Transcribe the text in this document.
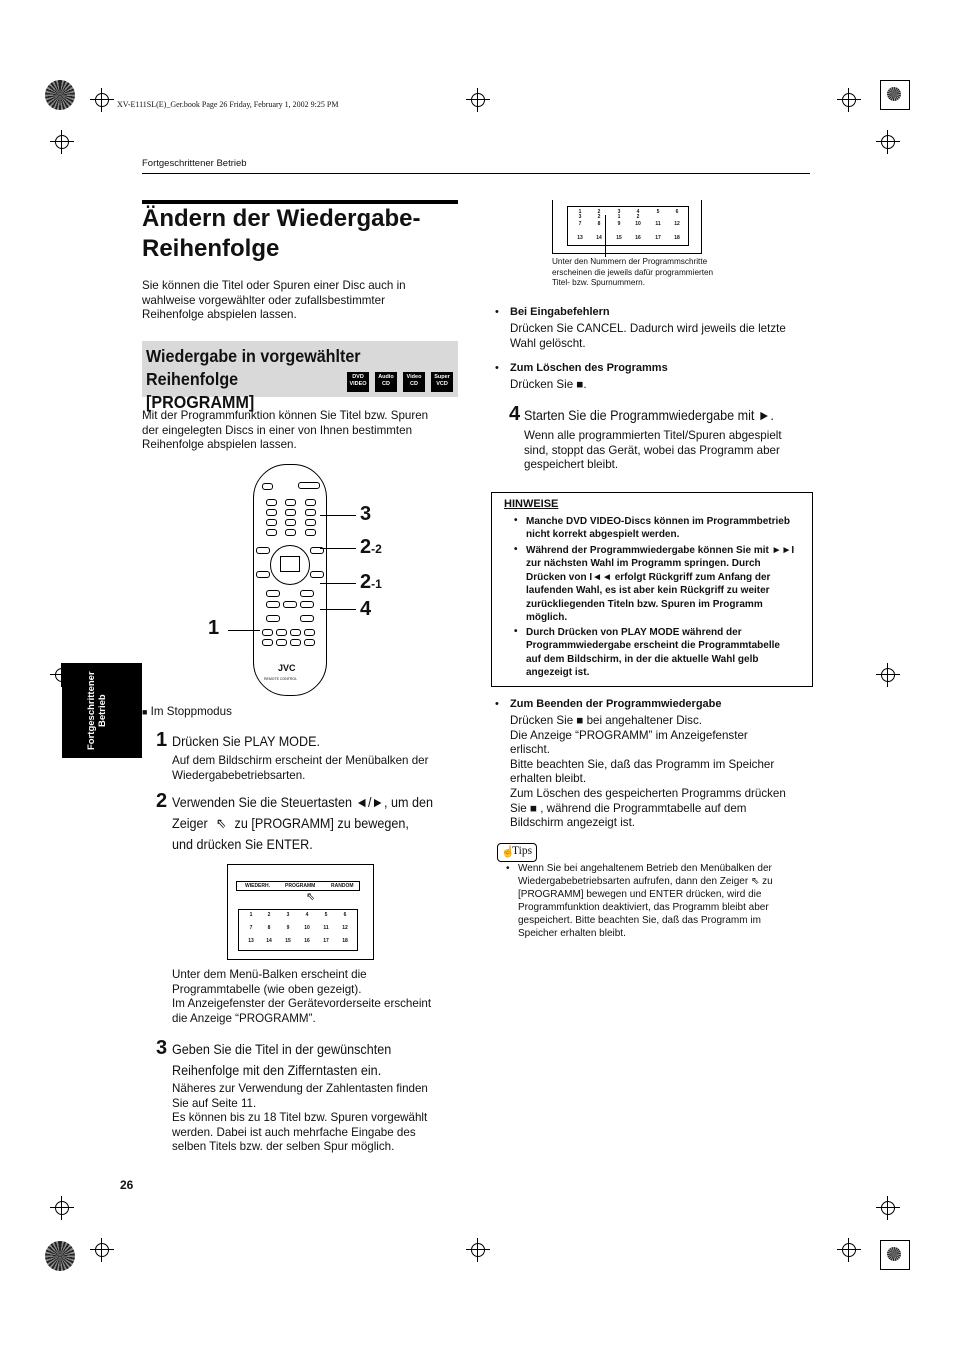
XV-E111SL(E)_Ger.book Page 26 Friday, February 1, 2002 9:25 PM
Fortgeschrittener Betrieb
Ändern der Wiedergabe-
Reihenfolge
Sie können die Titel oder Spuren einer Disc auch in
wahlweise vorgewählter oder zufallsbestimmter
Reihenfolge abspielen lassen.
Wiedergabe in vorgewählter Reihenfolge
[PROGRAMM]
DVD
VIDEO
Audio
CD
Video
CD
Super
VCD
Mit der Programmfunktion können Sie Titel bzw. Spuren
der eingelegten Discs in einer von Ihnen bestimmten
Reihenfolge abspielen lassen.
JVC
REMOTE CONTROL
3
2-2
2-1
4
1
Fortgeschrittener
Betrieb	■ Im Stoppmodus
1 Drücken Sie PLAY MODE.
Auf dem Bildschirm erscheint der Menübalken der
Wiedergabebetriebsarten.
2 Verwenden Sie die Steuertasten ◄/►, um den
Zeiger ⇖ zu [PROGRAMM] zu bewegen,
und drücken Sie ENTER.
WIEDERH.	PROGRAMM	RANDOM
⇖
1	2	3	4	5	6
7	8	9	10	11	12
13	14	15	16	17	18
Unter dem Menü-Balken erscheint die
Programmtabelle (wie oben gezeigt).
Im Anzeigefenster der Gerätevorderseite erscheint
die Anzeige “PROGRAMM”.
3 Geben Sie die Titel in der gewünschten
Reihenfolge mit den Zifferntasten ein.
Näheres zur Verwendung der Zahlentasten finden
Sie auf Seite 11.
Es können bis zu 18 Titel bzw. Spuren vorgewählt
werden. Dabei ist auch mehrfache Eingabe des
selben Titels bzw. der selben Spur möglich.
26
1	2	3	4	5	6
3	2	1	2
7	8	9	10	11	12
13	14	15	16	17	18
Unter den Nummern der Programmschritte
erscheinen die jeweils dafür programmierten
Titel- bzw. Spurnummern.
• Bei Eingabefehlern
Drücken Sie CANCEL. Dadurch wird jeweils die letzte
Wahl gelöscht.
• Zum Löschen des Programms
Drücken Sie ■.
4 Starten Sie die Programmwiedergabe mit ►.
Wenn alle programmierten Titel/Spuren abgespielt
sind, stoppt das Gerät, wobei das Programm aber
gespeichert bleibt.
HINWEISE
• Manche DVD VIDEO-Discs können im Programmbetrieb
nicht korrekt abgespielt werden.
• Während der Programmwiedergabe können Sie mit ►►I
zur nächsten Wahl im Programm springen. Durch
Drücken von I◄◄ erfolgt Rückgriff zum Anfang der
laufenden Wahl, es ist aber kein Rückgriff zu weiter
zurückliegenden Titeln bzw. Spuren im Programm
möglich.
• Durch Drücken von PLAY MODE während der
Programmwiedergabe erscheint die Programmtabelle
auf dem Bildschirm, in der die aktuelle Wahl gelb
angezeigt ist.
• Zum Beenden der Programmwiedergabe
Drücken Sie ■ bei angehaltener Disc.
Die Anzeige “PROGRAMM” im Anzeigefenster
erlischt.
Bitte beachten Sie, daß das Programm im Speicher
erhalten bleibt.
Zum Löschen des gespeicherten Programms drücken
Sie ■ , während die Programmtabelle auf dem
Bildschirm angezeigt ist.
☝
Tips
• Wenn Sie bei angehaltenem Betrieb den Menübalken der
Wiedergabebetriebsarten aufrufen, dann den Zeiger ⇖ zu
[PROGRAMM] bewegen und ENTER drücken, wird die
Programmfunktion deaktiviert, das Programm bleibt aber
gespeichert. Bitte beachten Sie, daß das Programm im
Speicher erhalten bleibt.
